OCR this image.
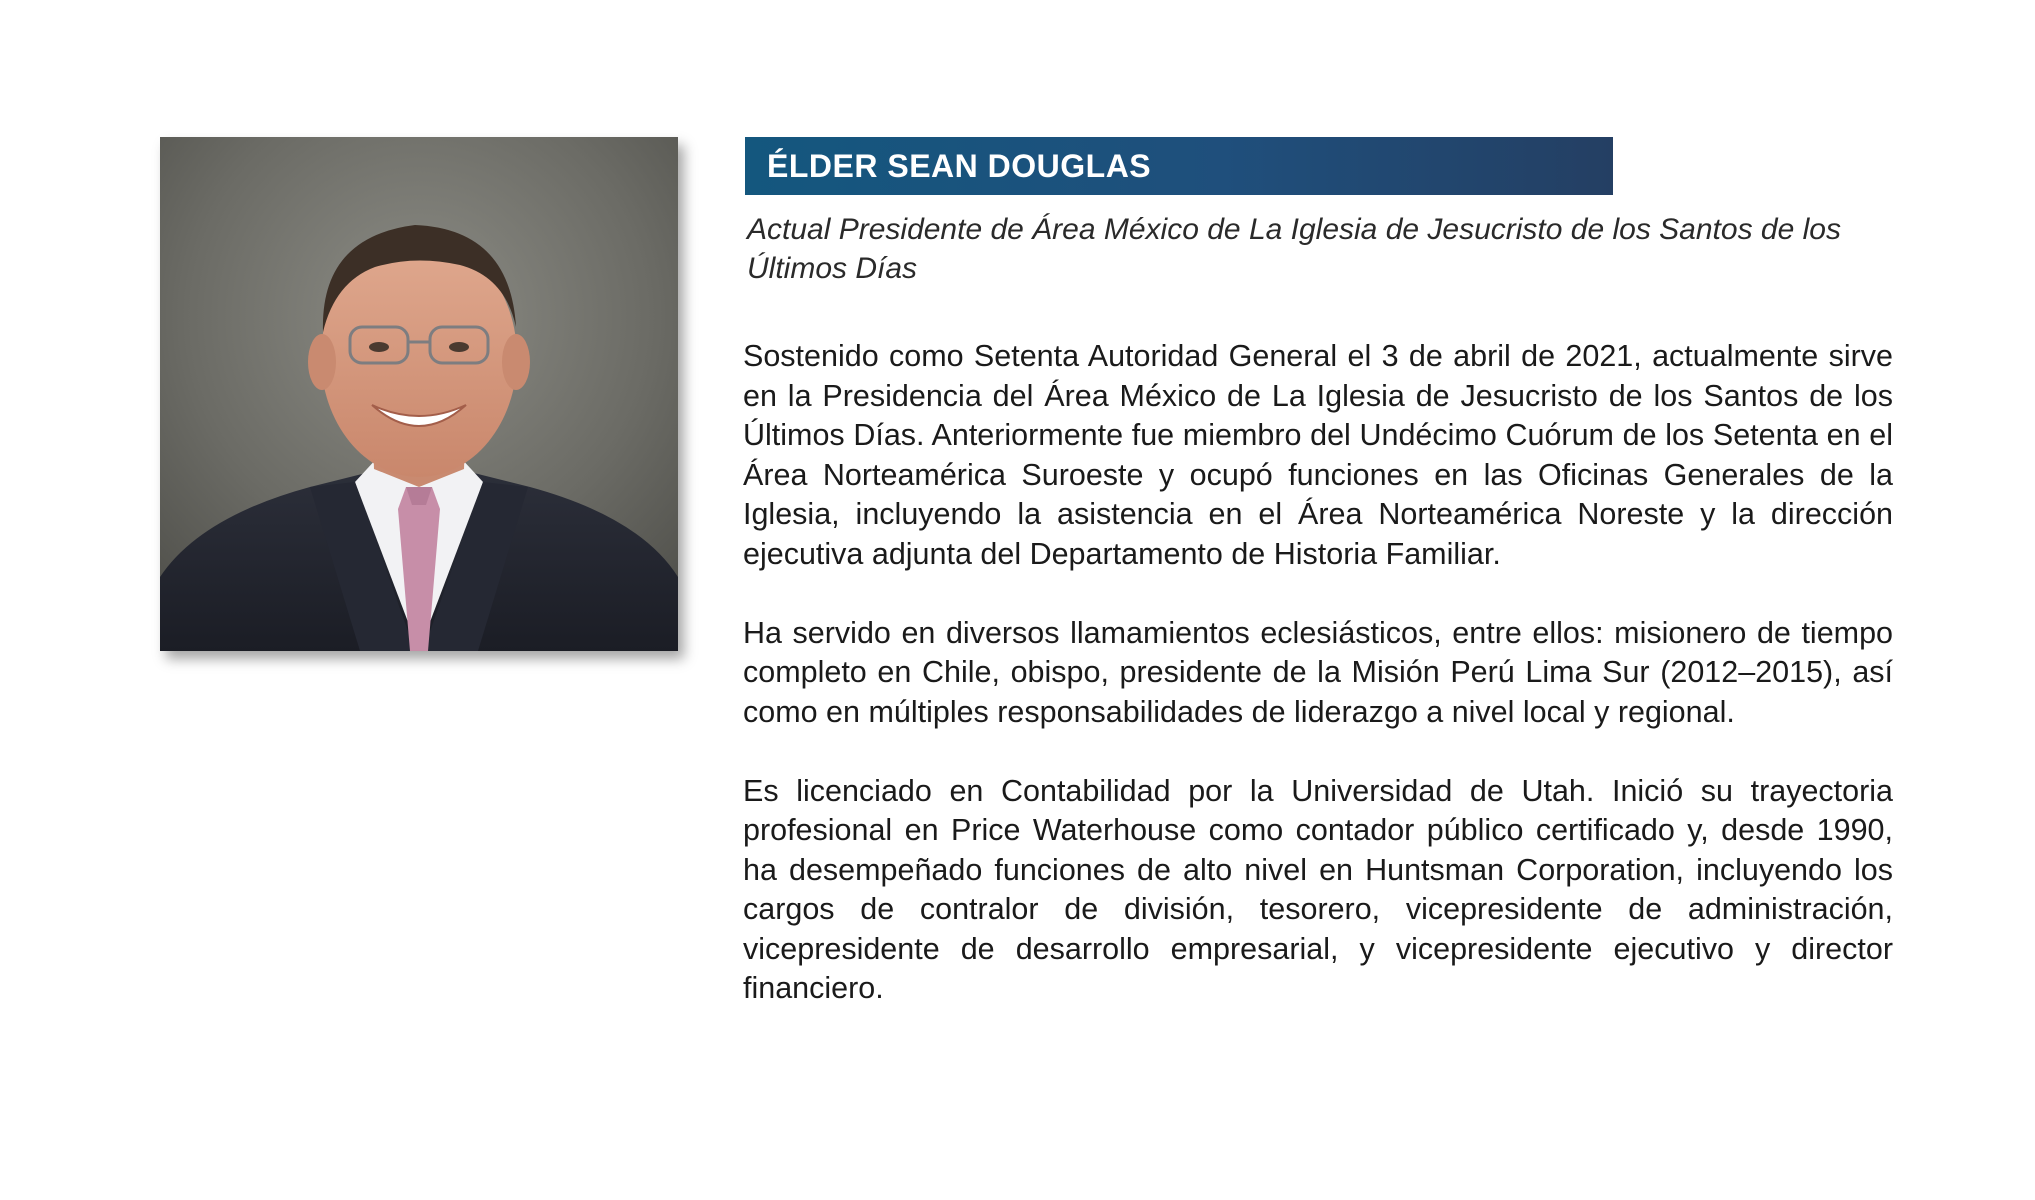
ÉLDER SEAN DOUGLAS

Actual Presidente de Área México de La Iglesia de Jesucristo de los Santos de los Últimos Días

Sostenido como Setenta Autoridad General el 3 de abril de 2021, actualmente sirve en la Presidencia del Área México de La Iglesia de Jesucristo de los Santos de los Últimos Días. Anteriormente fue miembro del Undécimo Cuórum de los Setenta en el Área Norteamérica Suroeste y ocupó funciones en las Oficinas Generales de la Iglesia, incluyendo la asistencia en el Área Norteamérica Noreste y la dirección ejecutiva adjunta del Departamento de Historia Familiar.

Ha servido en diversos llamamientos eclesiásticos, entre ellos: misionero de tiempo completo en Chile, obispo, presidente de la Misión Perú Lima Sur (2012–2015), así como en múltiples responsabilidades de liderazgo a nivel local y regional.

Es licenciado en Contabilidad por la Universidad de Utah. Inició su trayectoria profesional en Price Waterhouse como contador público certificado y, desde 1990, ha desempeñado funciones de alto nivel en Huntsman Corporation, incluyendo los cargos de contralor de división, tesorero, vicepresidente de administración, vicepresidente de desarrollo empresarial, y vicepresidente ejecutivo y director financiero.
